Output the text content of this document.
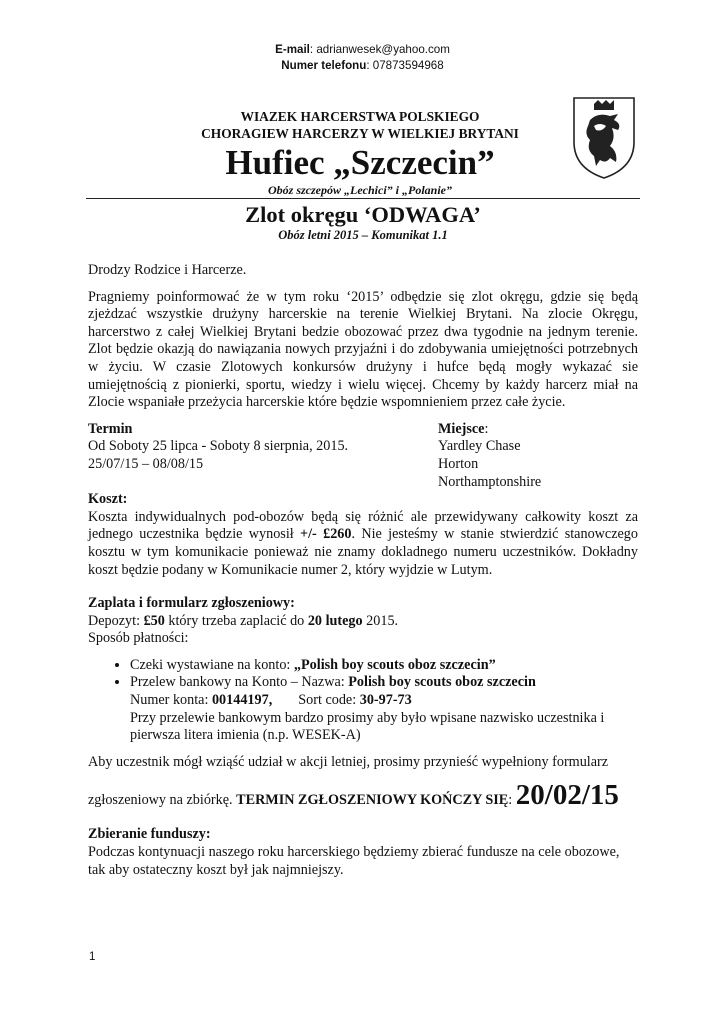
E-mail: adrianwesek@yahoo.com
Numer telefonu: 07873594968
WIAZEK HARCERSTWA POLSKIEGO
CHORAGIEW HARCERZY W WIELKIEJ BRYTANI
Hufiec „Szczecin”
Obóz szczepów „Lechici” i „Polanie”
Zlot okręgu ‘ODWAGA’
Obóz letni 2015 – Komunikat 1.1

Drodzy Rodzice i Harcerze.

Pragniemy poinformować że w tym roku ‘2015’ odbędzie się zlot okręgu, gdzie się będą zjeżdzać wszystkie drużyny harcerskie na terenie Wielkiej Brytani. Na zlocie Okręgu, harcerstwo z całej Wielkiej Brytani bedzie obozować przez dwa tygodnie na jednym terenie. Zlot będzie okazją do nawiązania nowych przyjaźni i do zdobywania umiejętności potrzebnych w życiu. W czasie Zlotowych konkursów drużyny i hufce będą mogły wykazać sie umiejętnością z pionierki, sportu, wiedzy i wielu więcej. Chcemy by każdy harcerz miał na Zlocie wspaniałe przeżycia harcerskie które będzie wspomnieniem przez całe życie.

Termin
Od Soboty 25 lipca - Soboty 8 sierpnia, 2015.
25/07/15 – 08/08/15
Miejsce:
Yardley Chase
Horton
Northamptonshire

Koszt:

Koszta indywidualnych pod-obozów będą się różnić ale przewidywany całkowity koszt za jednego uczestnika będzie wynosił +/- £260. Nie jesteśmy w stanie stwierdzić stanowczego kosztu w tym komunikacie ponieważ nie znamy dokladnego numeru uczestników. Dokładny koszt będzie podany w Komunikacie numer 2, który wyjdzie w Lutym.

Zaplata i formularz zgłoszeniowy:

Depozyt: £50 który trzeba zaplacić do 20 lutego 2015.

Sposób płatności:

• Czeki wystawiane na konto: „Polish boy scouts oboz szczecin”
• Przelew bankowy na Konto – Nazwa: Polish boy scouts oboz szczecin
Numer konta: 00144197, Sort code: 30-97-73
Przy przelewie bankowym bardzo prosimy aby było wpisane nazwisko uczestnika i pierwsza litera imienia (n.p. WESEK-A)

Aby uczestnik mógł wziąść udział w akcji letniej, prosimy przynieść wypełniony formularz

zgłoszeniowy na zbiórkę. TERMIN ZGŁOSZENIOWY KOŃCZY SIĘ: 20/02/15

Zbieranie funduszy:

Podczas kontynuacji naszego roku harcerskiego będziemy zbierać fundusze na cele obozowe, tak aby ostateczny koszt był jak najmniejszy.

1
